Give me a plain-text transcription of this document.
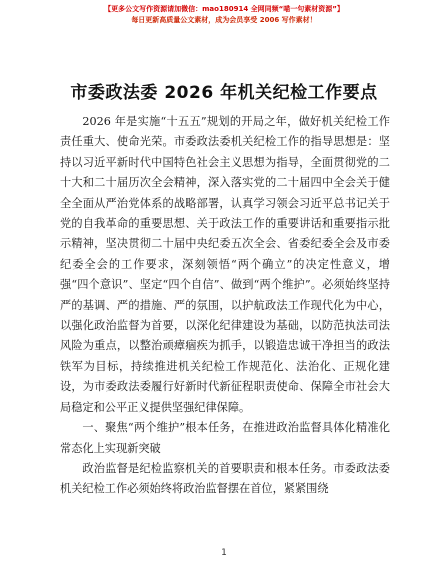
【更多公文写作资源请加微信：mao180914 全网同频“喵一句素材资源”】
每日更新高质量公文素材，成为会员享受 2006 写作素材！
市委政法委 2026 年机关纪检工作要点

2026 年是实施“十五五”规划的开局之年，做好机关纪检工作责任重大、使命光荣。市委政法委机关纪检工作的指导思想是：坚持以习近平新时代中国特色社会主义思想为指导，全面贯彻党的二十大和二十届历次全会精神，深入落实党的二十届四中全会关于健全全面从严治党体系的战略部署，认真学习领会习近平总书记关于党的自我革命的重要思想、关于政法工作的重要讲话和重要指示批示精神，坚决贯彻二十届中央纪委五次全会、省委纪委全会及市委纪委全会的工作要求，深刻领悟“两个确立”的决定性意义，增强“四个意识”、坚定“四个自信”、做到“两个维护”。必须始终坚持严的基调、严的措施、严的氛围，以护航政法工作现代化为中心，以强化政治监督为首要，以深化纪律建设为基础，以防范执法司法风险为重点，以整治顽瘴痼疾为抓手，以锻造忠诚干净担当的政法铁军为目标，持续推进机关纪检工作规范化、法治化、正规化建设，为市委政法委履行好新时代新征程职责使命、保障全市社会大局稳定和公平正义提供坚强纪律保障。

一、聚焦“两个维护”根本任务，在推进政治监督具体化精准化常态化上实现新突破

政治监督是纪检监察机关的首要职责和根本任务。市委政法委机关纪检工作必须始终将政治监督摆在首位，紧紧围绕

1
